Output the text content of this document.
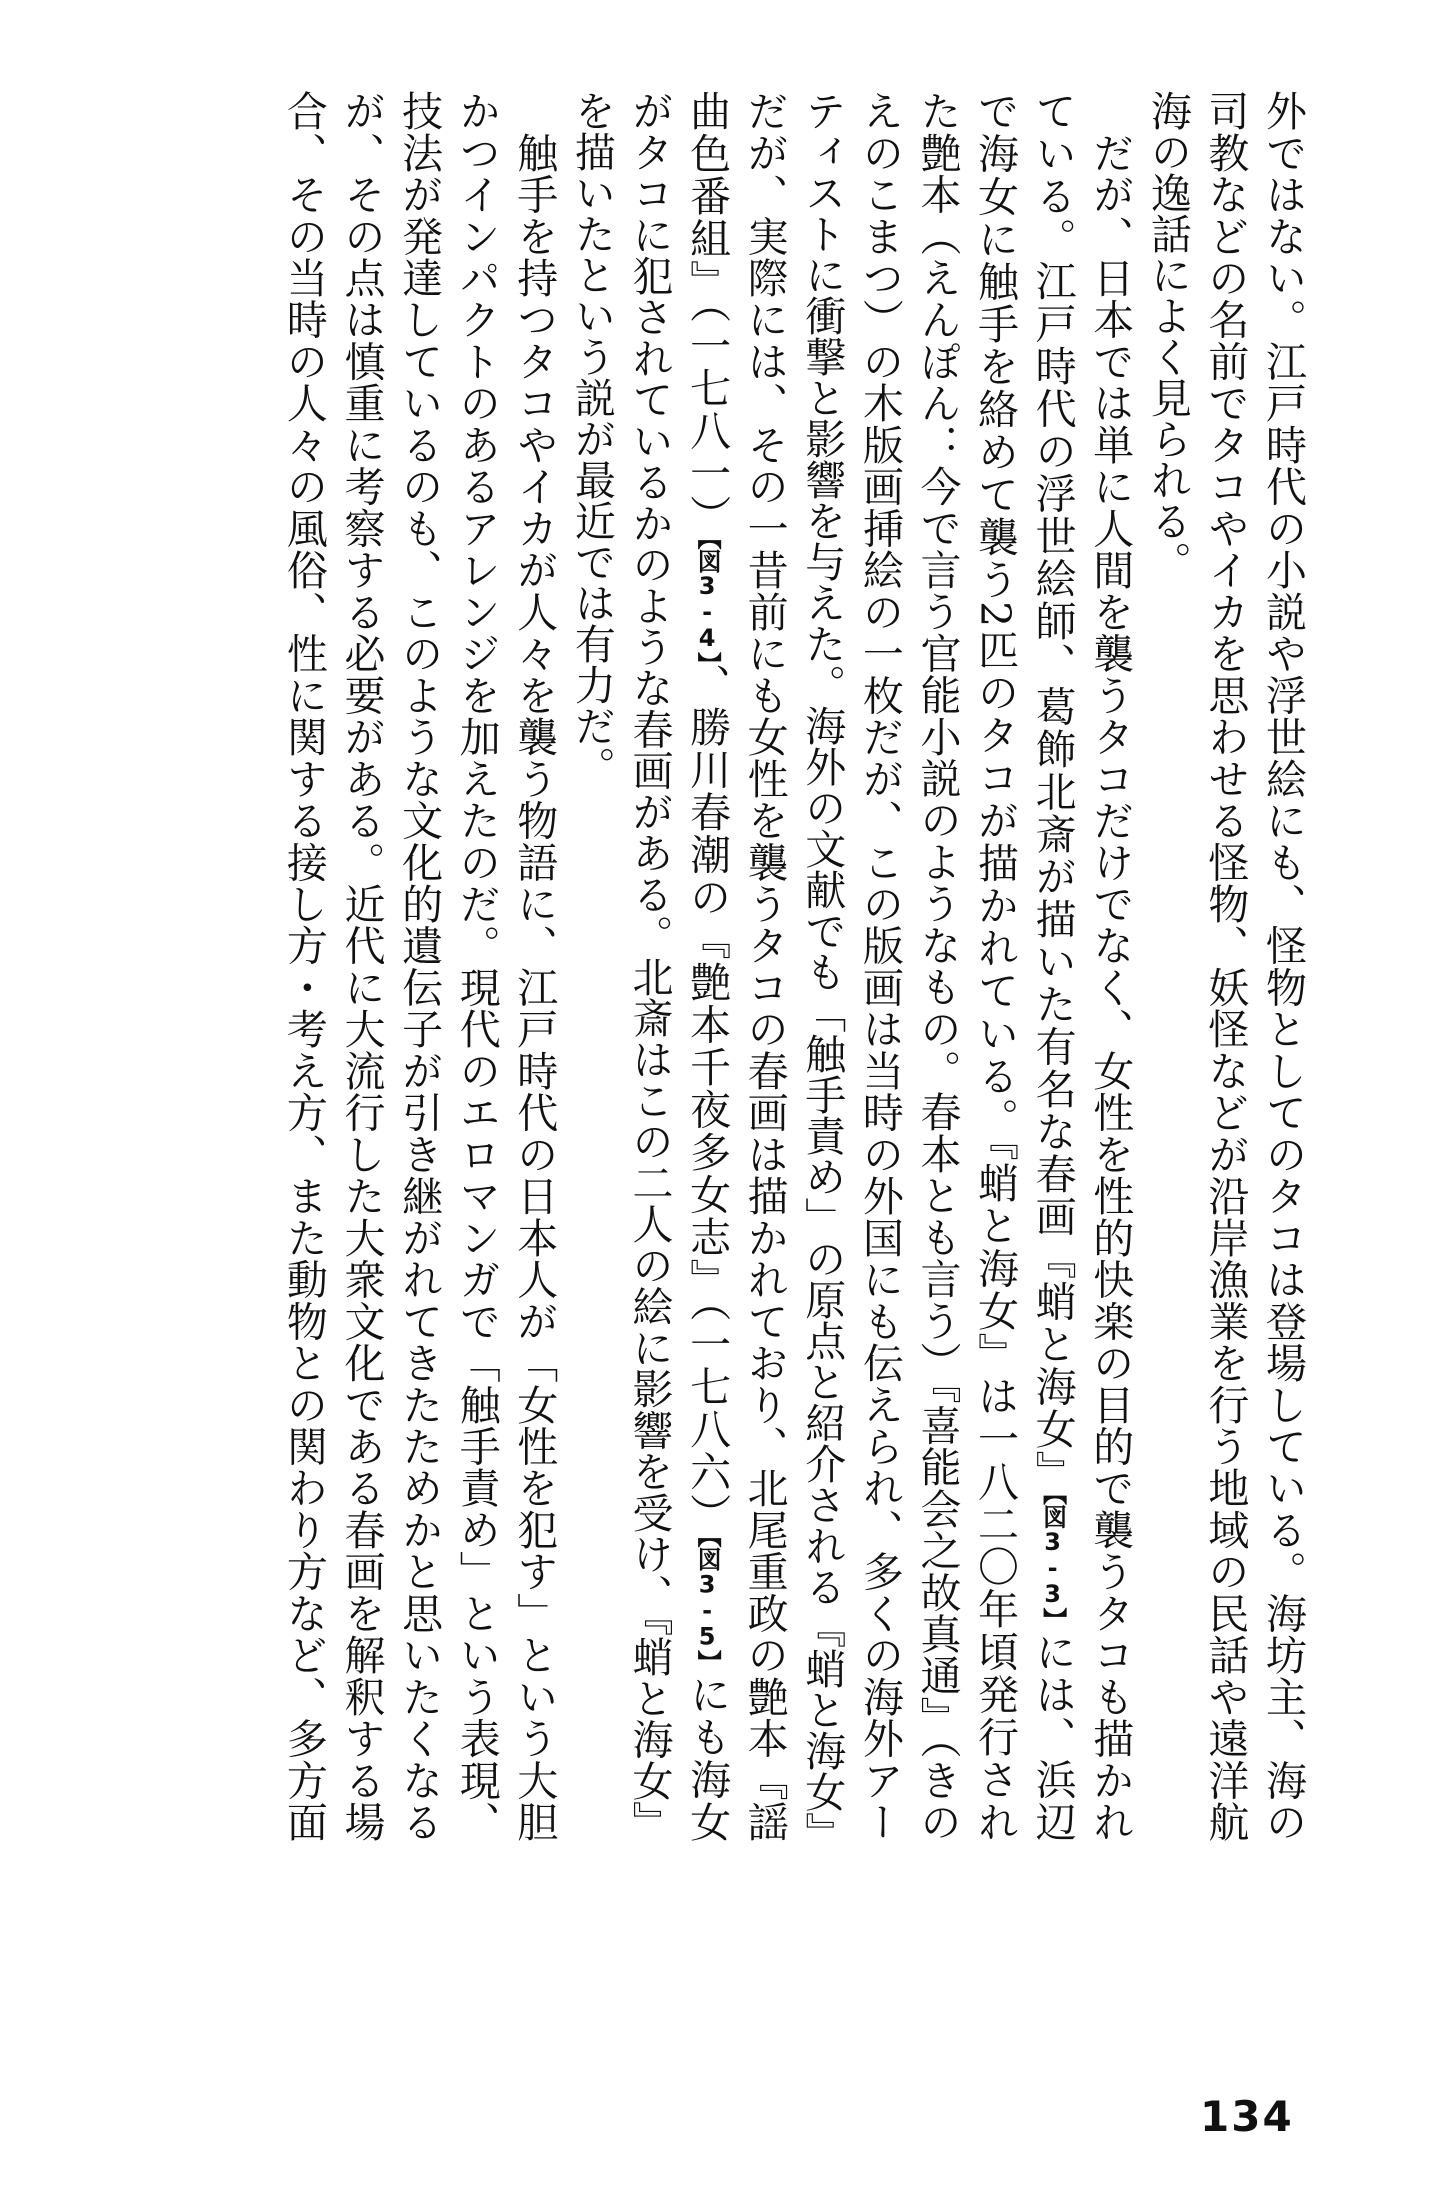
外ではない。江戸時代の小説や浮世絵にも、怪物としてのタコは登場している。海坊主、海の
司教などの名前でタコやイカを思わせる怪物、妖怪などが沿岸漁業を行う地域の民話や遠洋航
海の逸話によく見られる。
　だが、日本では単に人間を襲うタコだけでなく、女性を性的快楽の目的で襲うタコも描かれ
ている。江戸時代の浮世絵師、葛飾北斎が描いた有名な春画『蛸と海女』【図3-3】には、浜辺
で海女に触手を絡めて襲う2匹のタコが描かれている。『蛸と海女』は一八二〇年頃発行され
た艶本（えんぽん：今で言う官能小説のようなもの。春本とも言う）『喜能会之故真通』（きの
えのこまつ）の木版画挿絵の一枚だが、この版画は当時の外国にも伝えられ、多くの海外アー
ティストに衝撃と影響を与えた。海外の文献でも「触手責め」の原点と紹介される『蛸と海女』
だが、実際には、その一昔前にも女性を襲うタコの春画は描かれており、北尾重政の艶本『謡
曲色番組』（一七八一）【図3-4】、勝川春潮の『艶本千夜多女志』（一七八六）【図3-5】にも海女
がタコに犯されているかのような春画がある。北斎はこの二人の絵に影響を受け、『蛸と海女』
を描いたという説が最近では有力だ。
　触手を持つタコやイカが人々を襲う物語に、江戸時代の日本人が「女性を犯す」という大胆
かつインパクトのあるアレンジを加えたのだ。現代のエロマンガで「触手責め」という表現、
技法が発達しているのも、このような文化的遺伝子が引き継がれてきたためかと思いたくなる
が、その点は慎重に考察する必要がある。近代に大流行した大衆文化である春画を解釈する場
合、その当時の人々の風俗、性に関する接し方・考え方、また動物との関わり方など、多方面
134
